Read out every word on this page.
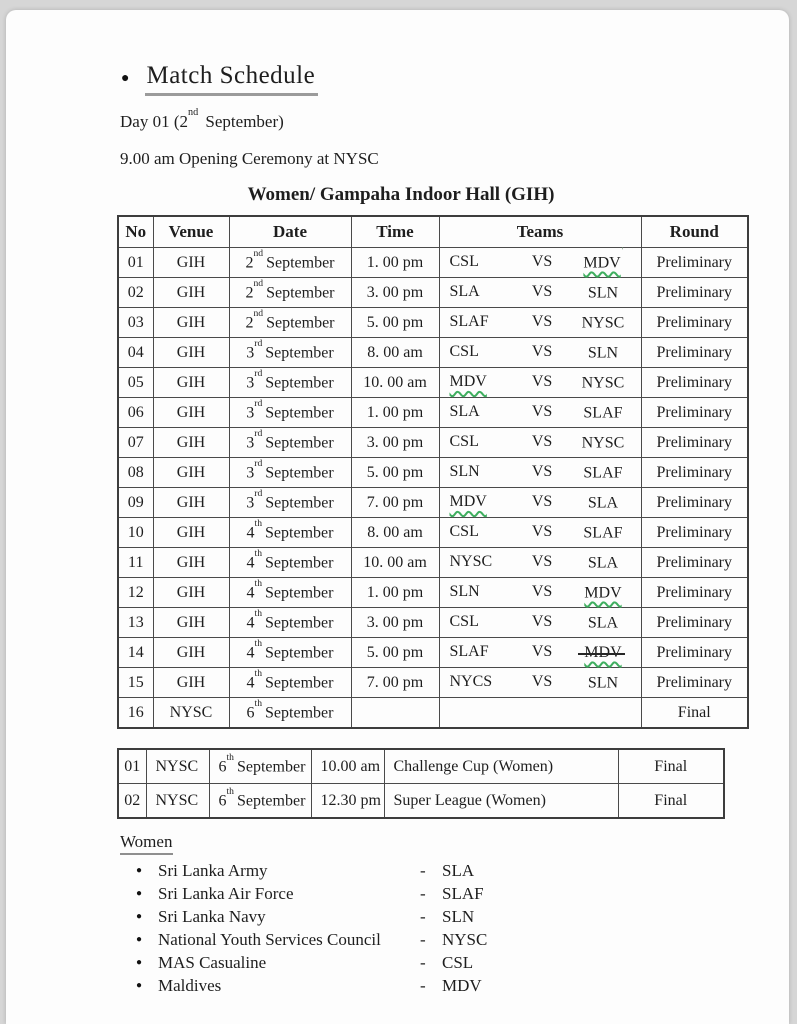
● Match Schedule
Day 01 (2nd September)
9.00 am Opening Ceremony at NYSC
Women/ Gampaha Indoor Hall (GIH)
No	Venue	Date	Time	Teams	Round
01	GIH	2ndSeptember	1. 00 pm	CSL VS MDV'	Preliminary
02	GIH	2ndSeptember	3. 00 pm	SLA VS SLN	Preliminary
03	GIH	2ndSeptember	5. 00 pm	SLAF VS NYSC	Preliminary
04	GIH	3rdSeptember	8. 00 am	CSL VS SLN	Preliminary
05	GIH	3rdSeptember	10. 00 am	MDV VS NYSC	Preliminary
06	GIH	3rdSeptember	1. 00 pm	SLA VS SLAF	Preliminary
07	GIH	3rdSeptember	3. 00 pm	CSL VS NYSC	Preliminary
08	GIH	3rdSeptember	5. 00 pm	SLN VS SLAF	Preliminary
09	GIH	3rdSeptember	7. 00 pm	MDV VS SLA	Preliminary
10	GIH	4thSeptember	8. 00 am	CSL VS SLAF	Preliminary
11	GIH	4thSeptember	10. 00 am	NYSC VS SLA	Preliminary
12	GIH	4thSeptember	1. 00 pm	SLN VS MDV	Preliminary
13	GIH	4thSeptember	3. 00 pm	CSL VS SLA	Preliminary
14	GIH	4thSeptember	5. 00 pm	SLAF VS MDV	Preliminary
15	GIH	4thSeptember	7. 00 pm	NYCS VS SLN	Preliminary
16	NYSC	6thSeptember			Final
01	NYSC	6thSeptember	10.00 am	Challenge Cup (Women)	Final
02	NYSC	6thSeptember	12.30 pm	Super League (Women)	Final
Women
● Sri Lanka Army	- SLA
● Sri Lanka Air Force	- SLAF
● Sri Lanka Navy	- SLN
● National Youth Services Council	- NYSC
● MAS Casualine	- CSL
● Maldives	- MDV
